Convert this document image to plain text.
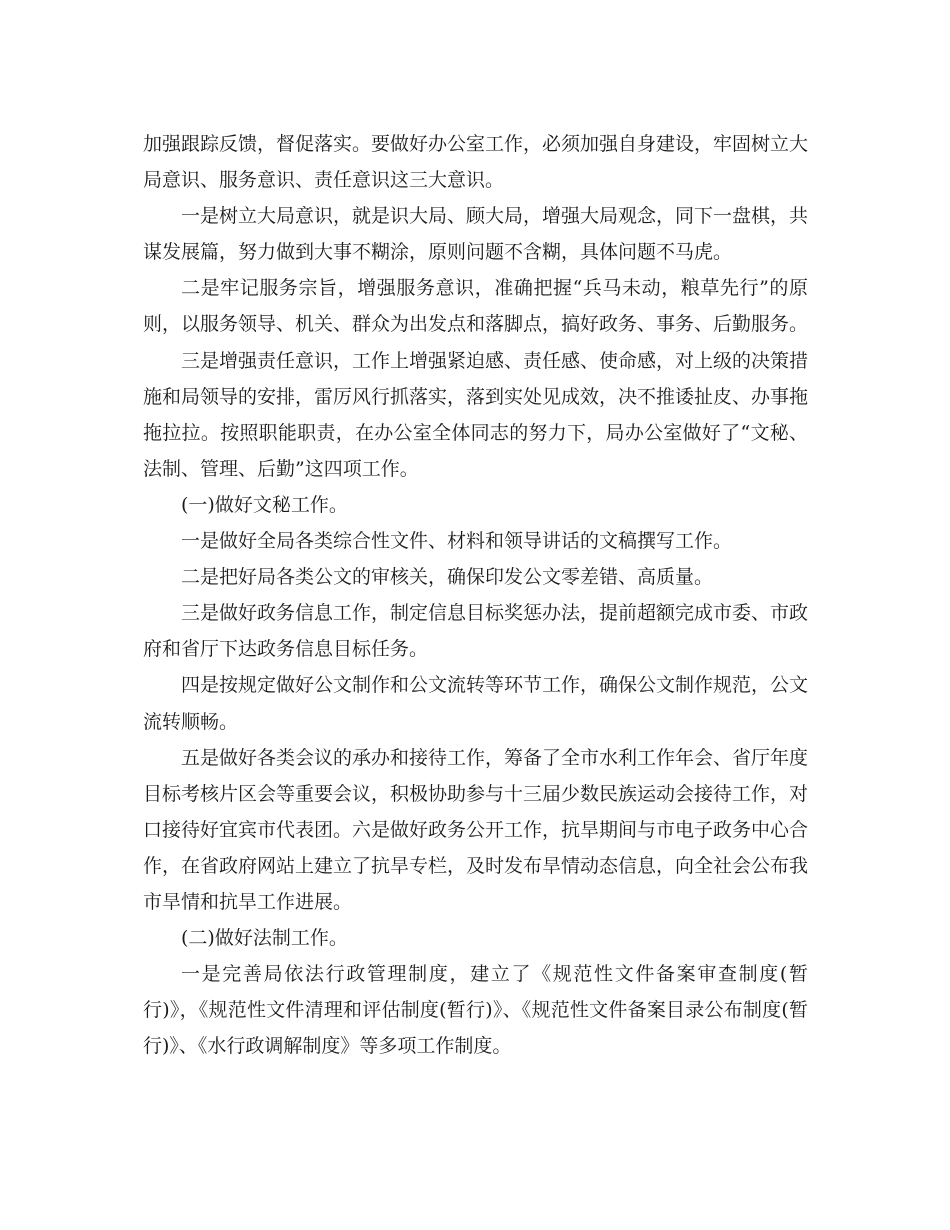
加强跟踪反馈，督促落实。要做好办公室工作，必须加强自身建设，牢固树立大局意识、服务意识、责任意识这三大意识。

一是树立大局意识，就是识大局、顾大局，增强大局观念，同下一盘棋，共谋发展篇，努力做到大事不糊涂，原则问题不含糊，具体问题不马虎。

二是牢记服务宗旨，增强服务意识，准确把握“兵马未动，粮草先行”的原则，以服务领导、机关、群众为出发点和落脚点，搞好政务、事务、后勤服务。

三是增强责任意识，工作上增强紧迫感、责任感、使命感，对上级的决策措施和局领导的安排，雷厉风行抓落实，落到实处见成效，决不推诿扯皮、办事拖拖拉拉。按照职能职责，在办公室全体同志的努力下，局办公室做好了“文秘、法制、管理、后勤”这四项工作。

(一)做好文秘工作。

一是做好全局各类综合性文件、材料和领导讲话的文稿撰写工作。

二是把好局各类公文的审核关，确保印发公文零差错、高质量。

三是做好政务信息工作，制定信息目标奖惩办法，提前超额完成市委、市政府和省厅下达政务信息目标任务。

四是按规定做好公文制作和公文流转等环节工作，确保公文制作规范，公文流转顺畅。

五是做好各类会议的承办和接待工作，筹备了全市水利工作年会、省厅年度目标考核片区会等重要会议，积极协助参与十三届少数民族运动会接待工作，对口接待好宜宾市代表团。六是做好政务公开工作，抗旱期间与市电子政务中心合作，在省政府网站上建立了抗旱专栏，及时发布旱情动态信息，向全社会公布我市旱情和抗旱工作进展。

(二)做好法制工作。

一是完善局依法行政管理制度，建立了《规范性文件备案审查制度(暂行)》，《规范性文件清理和评估制度(暂行)》、《规范性文件备案目录公布制度(暂行)》、《水行政调解制度》等多项工作制度。
